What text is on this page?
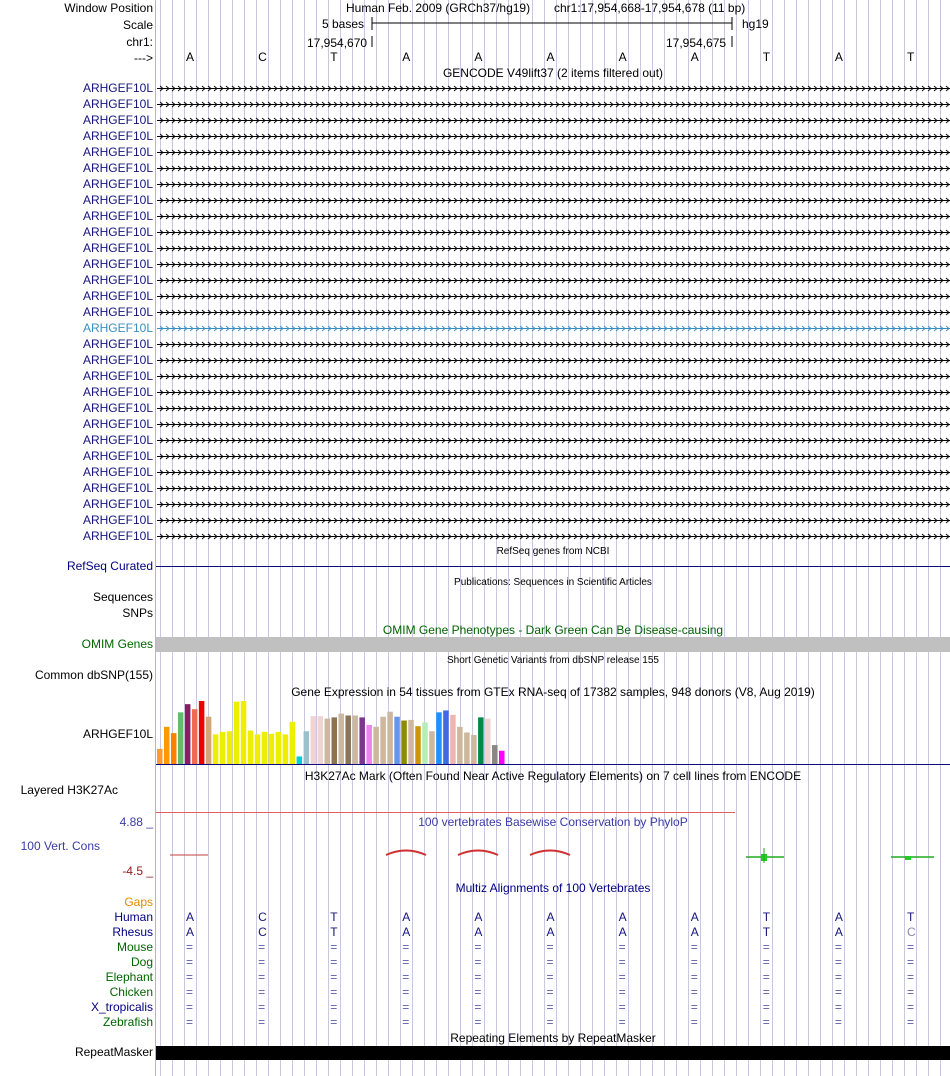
Window Position
Scale
chr1:
--->
Human Feb. 2009 (GRCh37/hg19) chr1:17,954,668-17,954,678 (11 bp)
5 bases	hg19
17,954,670	17,954,675
A	C	T	A	A	A	A	A	T	A	T
GENCODE V49lift37 (2 items filtered out)
ARHGEF10L
ARHGEF10L
ARHGEF10L
ARHGEF10L
ARHGEF10L
ARHGEF10L
ARHGEF10L
ARHGEF10L
ARHGEF10L
ARHGEF10L
ARHGEF10L
ARHGEF10L
ARHGEF10L
ARHGEF10L
ARHGEF10L
ARHGEF10L
ARHGEF10L
ARHGEF10L
ARHGEF10L
ARHGEF10L
ARHGEF10L
ARHGEF10L
ARHGEF10L
ARHGEF10L
ARHGEF10L
ARHGEF10L
ARHGEF10L
ARHGEF10L
ARHGEF10L
RefSeq genes from NCBI
RefSeq Curated
Publications: Sequences in Scientific Articles
Sequences
SNPs
OMIM Gene Phenotypes - Dark Green Can Be Disease-causing
OMIM Genes
Short Genetic Variants from dbSNP release 155
Common dbSNP(155)
Gene Expression in 54 tissues from GTEx RNA-seq of 17382 samples, 948 donors (V8, Aug 2019)
ARHGEF10L
H3K27Ac Mark (Often Found Near Active Regulatory Elements) on 7 cell lines from ENCODE
Layered H3K27Ac
100 vertebrates Basewise Conservation by PhyloP
4.88 _
100 Vert. Cons
-4.5 _
Multiz Alignments of 100 Vertebrates
Gaps
Human	A	C	T	A	A	A	A	A	T	A	T
Rhesus	A	C	T	A	A	A	A	A	T	A	C
Mouse	=	=	=	=	=	=	=	=	=	=	=
Dog	=	=	=	=	=	=	=	=	=	=	=
Elephant	=	=	=	=	=	=	=	=	=	=	=
Chicken	=	=	=	=	=	=	=	=	=	=	=
X_tropicalis	=	=	=	=	=	=	=	=	=	=	=
Zebrafish	=	=	=	=	=	=	=	=	=	=	=
Repeating Elements by RepeatMasker
RepeatMasker
